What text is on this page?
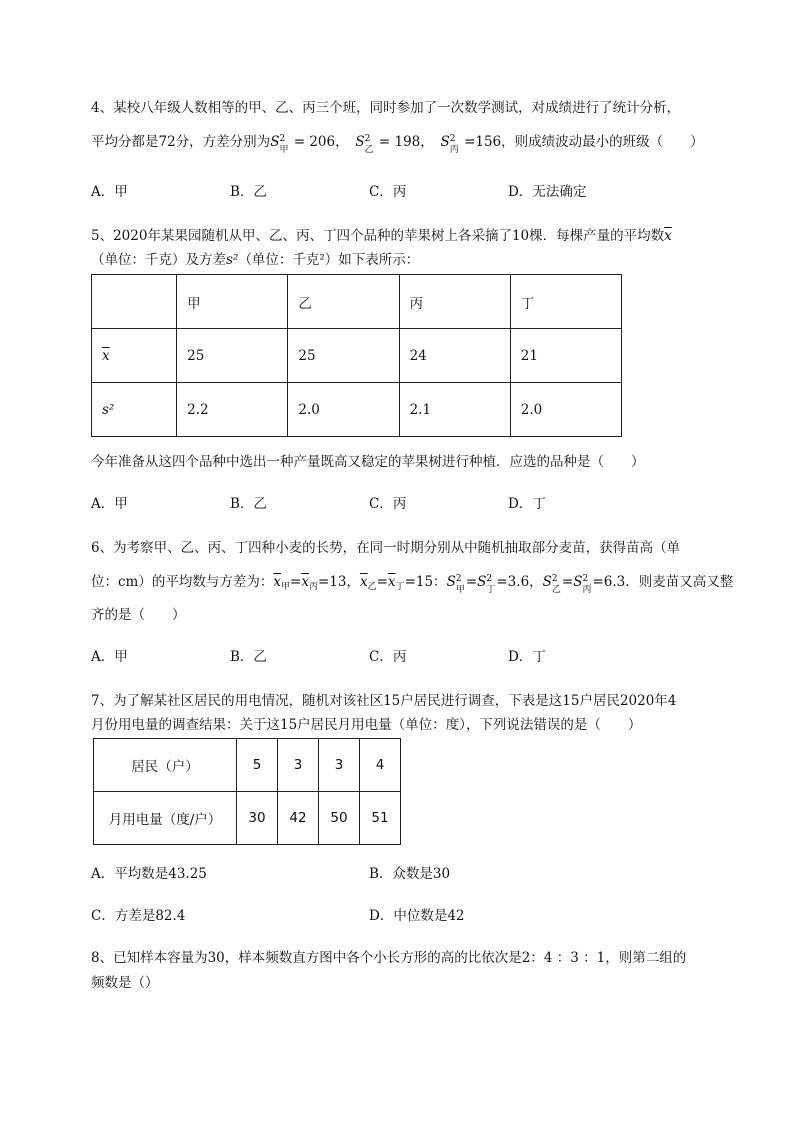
4、某校八年级人数相等的甲、乙、丙三个班，同时参加了一次数学测试，对成绩进行了统计分析，
平均分都是72分，方差分别为S 2
甲 = 206，　 S 2
乙 = 198，　 S 2
丙 =156，则成绩波动最小的班级（　　）
A．甲	B．乙	C．丙	D．无法确定
5、2020年某果园随机从甲、乙、丙、丁四个品种的苹果树上各采摘了10棵．每棵产量的平均数$\overline{x}$
（单位：千克）及方差s²（单位：千克²）如下表所示：
	甲	乙	丙	丁
$\overline{x}$	25	25	24	21
s²	2.2	2.0	2.1	2.0
今年准备从这四个品种中选出一种产量既高又稳定的苹果树进行种植．应选的品种是（　　）
A．甲	B．乙	C．丙	D．丁
6、为考察甲、乙、丙、丁四种小麦的长势，在同一时期分别从中随机抽取部分麦苗，获得苗高（单
位：cm）的平均数与方差为：$\overline{x}_甲=\overline{x}_丙=13$，$\overline{x}_乙=\overline{x}_丁=15$：S 2
甲 =S 2
丁 =3.6，S 2
乙 =S 2
丙 =6.3．则麦苗又高又整
齐的是（　　）
A．甲	B．乙	C．丙	D．丁
7、为了解某社区居民的用电情况，随机对该社区15户居民进行调查，下表是这15户居民2020年4
月份用电量的调查结果：关于这15户居民月用电量（单位：度），下列说法错误的是（　　）
居民（户）	5	3	3	4
月用电量（度/户）	30	42	50	51
A．平均数是43.25	B．众数是30
C．方差是82.4	D．中位数是42
8、已知样本容量为30，样本频数直方图中各个小长方形的高的比依次是2：4 ：3 ：1，则第二组的
频数是（）
